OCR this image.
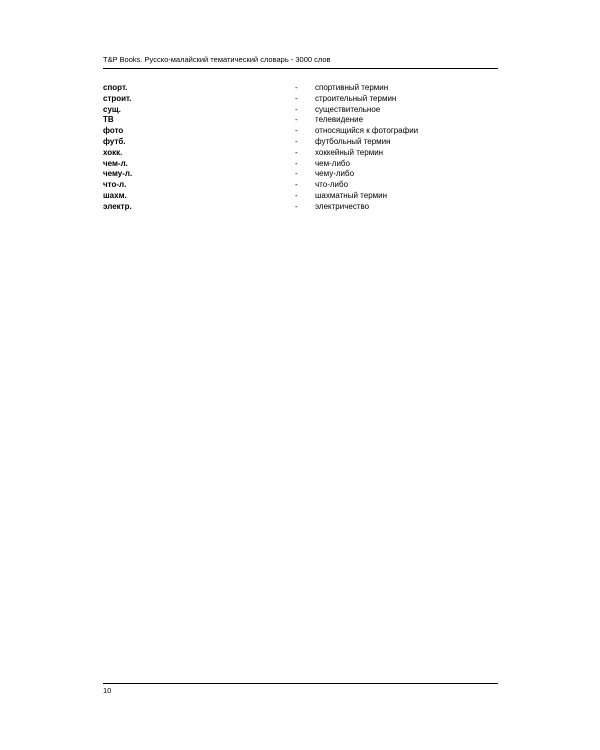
T&P Books. Русско-малайский тематический словарь - 3000 слов
спорт.	- спортивный термин
строит.	- строительный термин
сущ.	- существительное
ТВ	- телевидение
фото	- относящийся к фотографии
футб.	- футбольный термин
хокк.	- хоккейный термин
чем-л.	- чем-либо
чему-л.	- чему-либо
что-л.	- что-либо
шахм.	- шахматный термин
электр.	- электричество
10
